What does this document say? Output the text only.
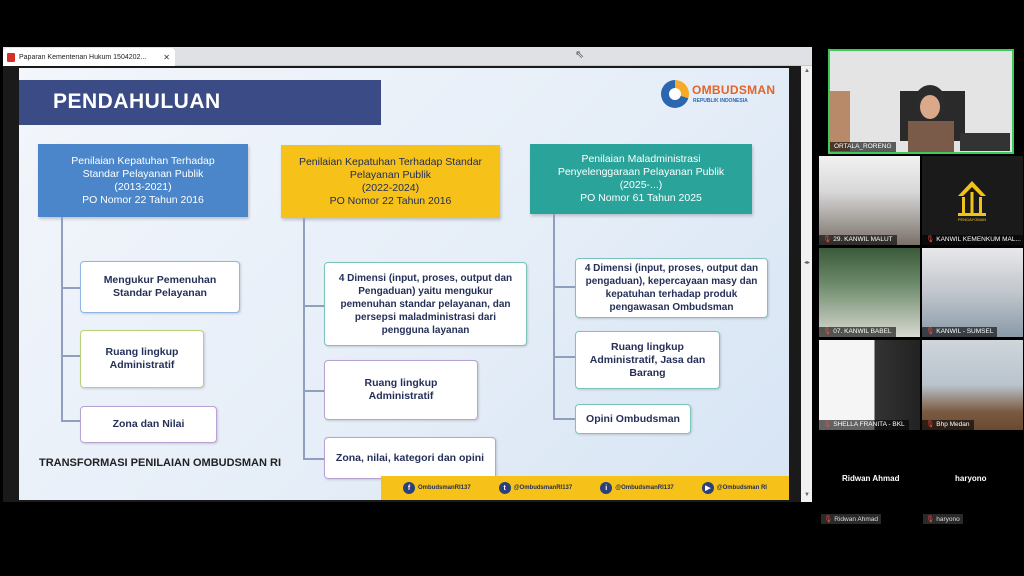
Paparan Kementerian Hukum 1504202...	✕	⇖
▲
◂▸
▼
PENDAHULUAN	OMBUDSMAN
REPUBLIK INDONESIA
Penilaian Kepatuhan Terhadap
Standar Pelayanan Publik
(2013-2021)
PO Nomor 22 Tahun 2016
Mengukur Pemenuhan Standar Pelayanan
Ruang lingkup Administratif
Zona dan Nilai
Penilaian Kepatuhan Terhadap Standar
Pelayanan Publik
(2022-2024)
PO Nomor 22 Tahun 2016
4 Dimensi (input, proses, output dan Pengaduan) yaitu mengukur pemenuhan standar pelayanan, dan persepsi maladministrasi dari pengguna layanan
Ruang lingkup Administratif
Zona, nilai, kategori dan opini
Penilaian Maladministrasi
Penyelenggaraan Pelayanan Publik
(2025-...)
PO Nomor 61 Tahun 2025
4 Dimensi (input, proses, output dan pengaduan), kepercayaan masy dan kepatuhan terhadap produk pengawasan Ombudsman
Ruang lingkup Administratif, Jasa dan Barang
Opini Ombudsman
TRANSFORMASI PENILAIAN OMBUDSMAN RI
f	OmbudsmanRI137	t	@OmbudsmanRI137	i	@OmbudsmanRI137	▶	@Ombudsman RI
ORTALA_RORENG
🎙 29. KANWIL MALUT
PENGAYOMAN
🎙 KANWIL KEMENKUM MAL...
🎙 07. KANWIL BABEL	🎙 KANWIL - SUMSEL
🎙 SHELLA FRANITA - BKL	🎙 Bhp Medan
Ridwan Ahmad	haryono
🎙 Ridwan Ahmad	🎙 haryono
